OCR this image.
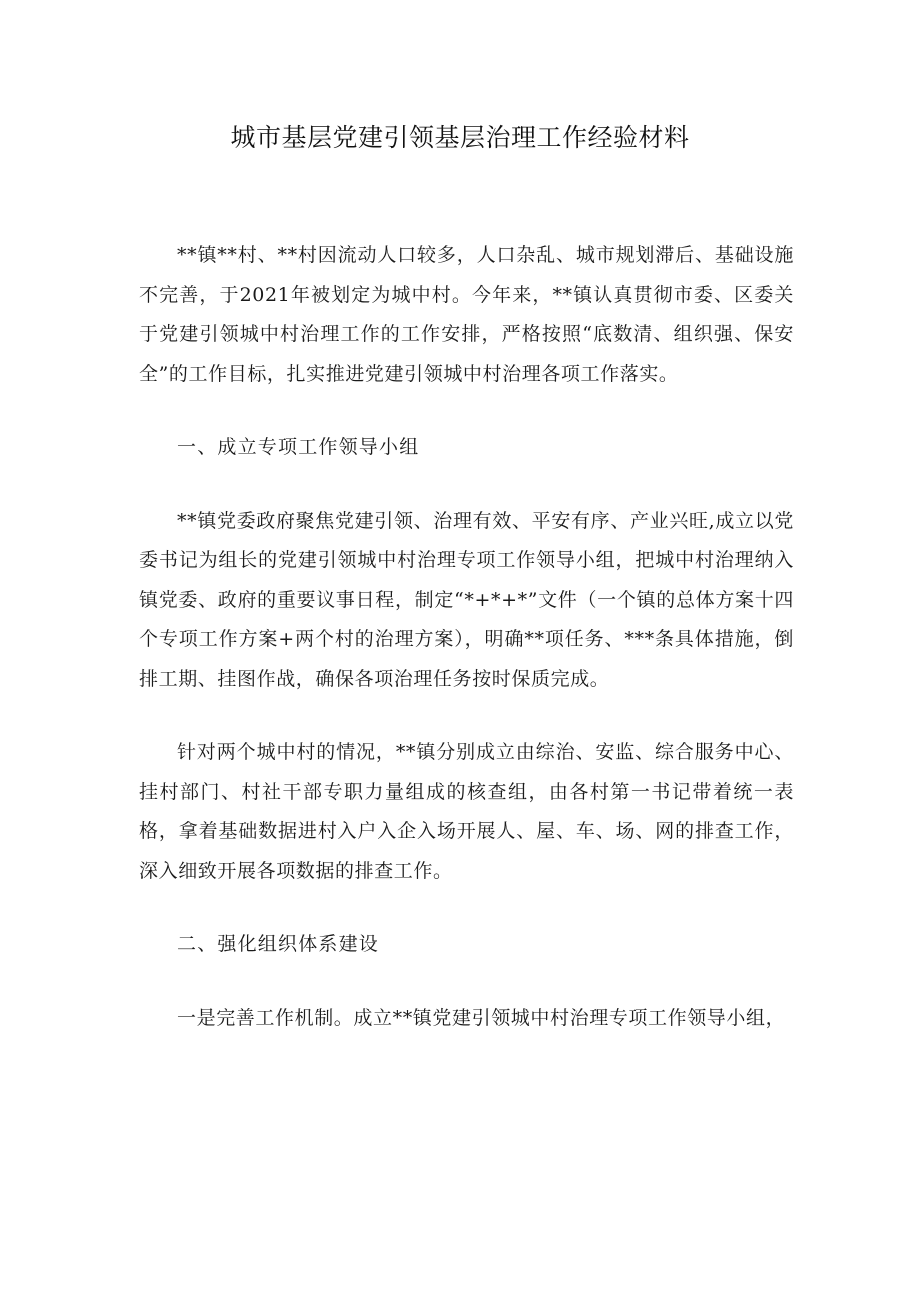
城市基层党建引领基层治理工作经验材料

**镇**村、**村因流动人口较多，人口杂乱、城市规划滞后、基础设施不完善，于2021年被划定为城中村。今年来，**镇认真贯彻市委、区委关于党建引领城中村治理工作的工作安排，严格按照“底数清、组织强、保安全”的工作目标，扎实推进党建引领城中村治理各项工作落实。

一、成立专项工作领导小组

**镇党委政府聚焦党建引领、治理有效、平安有序、产业兴旺,成立以党委书记为组长的党建引领城中村治理专项工作领导小组，把城中村治理纳入镇党委、政府的重要议事日程，制定“*+*+*”文件（一个镇的总体方案十四个专项工作方案+两个村的治理方案），明确**项任务、***条具体措施，倒排工期、挂图作战，确保各项治理任务按时保质完成。

针对两个城中村的情况，**镇分别成立由综治、安监、综合服务中心、挂村部门、村社干部专职力量组成的核查组，由各村第一书记带着统一表格，拿着基础数据进村入户入企入场开展人、屋、车、场、网的排查工作，深入细致开展各项数据的排查工作。

二、强化组织体系建设

一是完善工作机制。成立**镇党建引领城中村治理专项工作领导小组，
